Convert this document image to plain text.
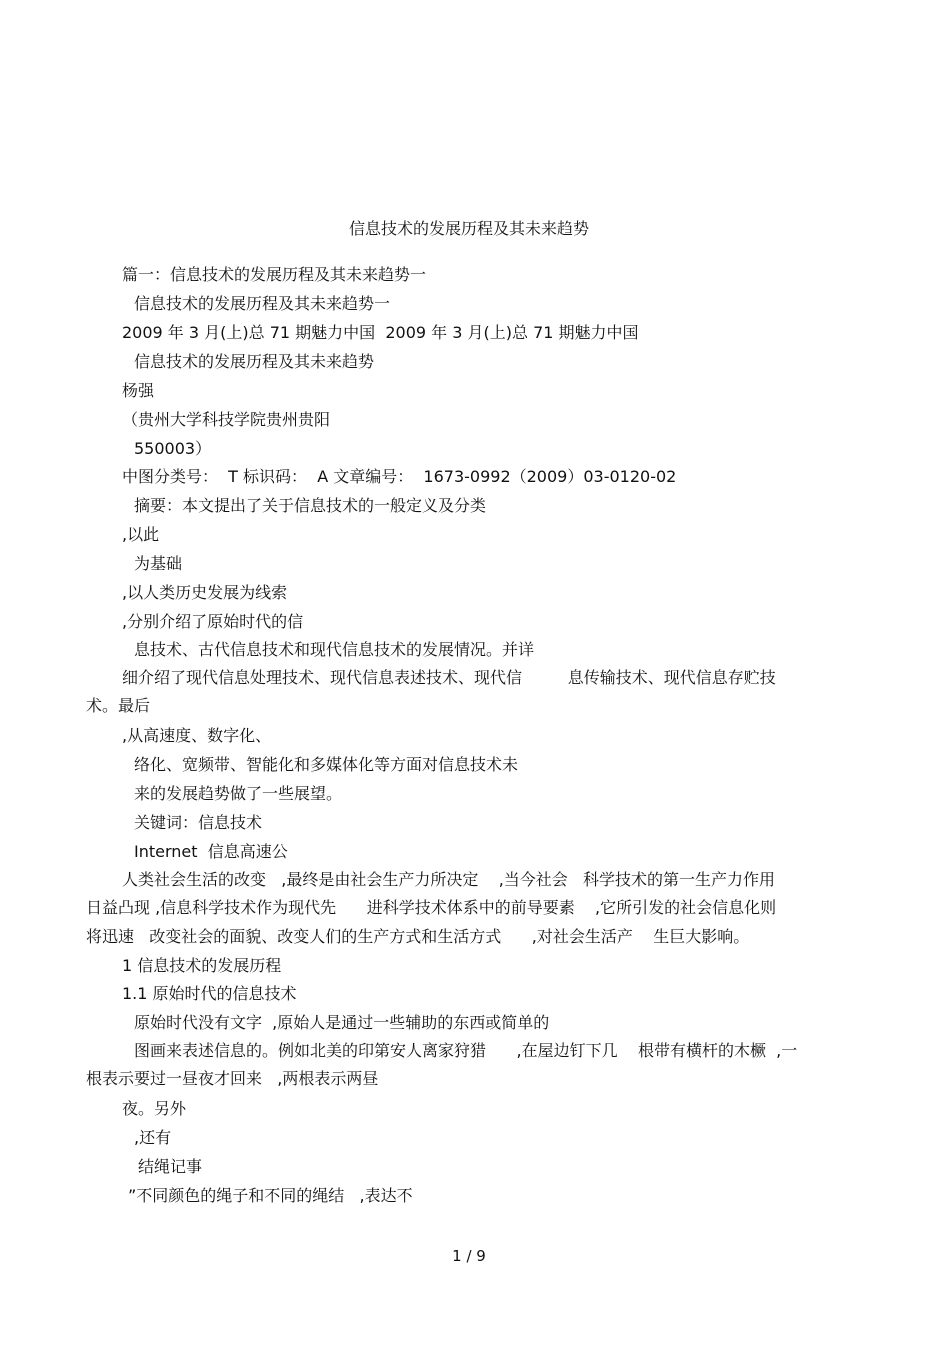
信息技术的发展历程及其未来趋势
篇一：信息技术的发展历程及其未来趋势一
信息技术的发展历程及其未来趋势一
2009 年 3 月(上)总 71 期魅力中国  2009 年 3 月(上)总 71 期魅力中国
信息技术的发展历程及其未来趋势
杨强
（贵州大学科技学院贵州贵阳
550003）
中图分类号：  T 标识码：  A 文章编号：  1673-0992（2009）03-0120-02
摘要：本文提出了关于信息技术的一般定义及分类
,以此
为基础
,以人类历史发展为线索
,分别介绍了原始时代的信
息技术、古代信息技术和现代信息技术的发展情况。并详
细介绍了现代信息处理技术、现代信息表述技术、现代信         息传输技术、现代信息存贮技
术。最后
,从高速度、数字化、
络化、宽频带、智能化和多媒体化等方面对信息技术未
来的发展趋势做了一些展望。
关键词：信息技术
Internet  信息高速公
人类社会生活的改变   ,最终是由社会生产力所决定    ,当今社会   科学技术的第一生产力作用
日益凸现 ,信息科学技术作为现代先      进科学技术体系中的前导要素    ,它所引发的社会信息化则
将迅速   改变社会的面貌、改变人们的生产方式和生活方式      ,对社会生活产    生巨大影响。
1 信息技术的发展历程
1.1 原始时代的信息技术
原始时代没有文字  ,原始人是通过一些辅助的东西或简单的
图画来表述信息的。例如北美的印第安人离家狩猎      ,在屋边钉下几    根带有横杆的木橛  ,一
根表示要过一昼夜才回来   ,两根表示两昼
夜。另外
,还有
结绳记事
”不同颜色的绳子和不同的绳结   ,表达不
1 / 9
